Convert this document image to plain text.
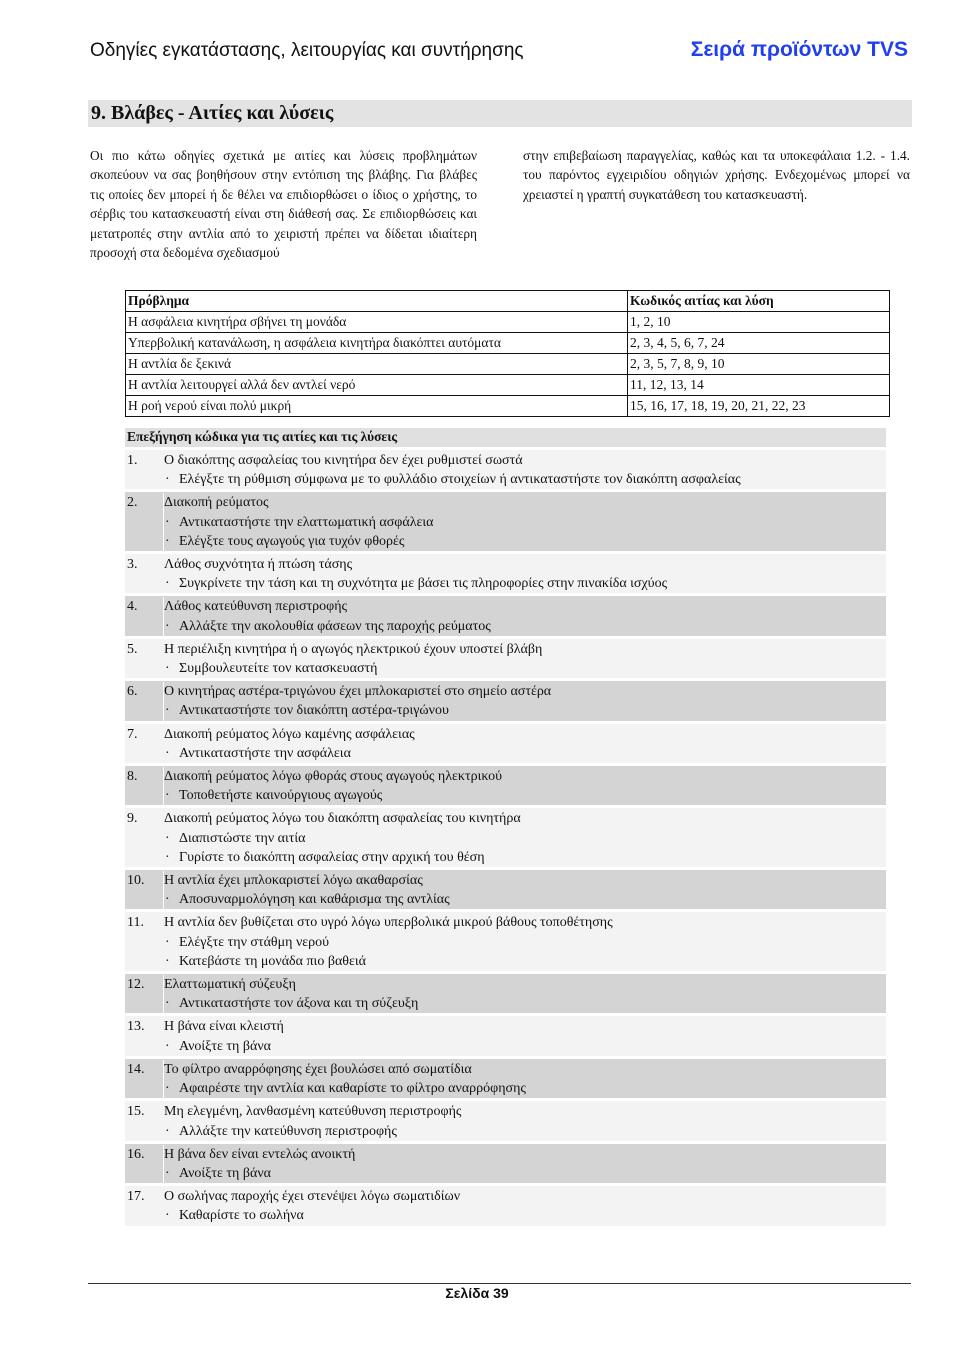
Οδηγίες εγκατάστασης, λειτουργίας και συντήρησης	Σειρά προϊόντων TVS
9. Βλάβες - Αιτίες και λύσεις

Οι πιο κάτω οδηγίες σχετικά με αιτίες και λύσεις προβλημάτων σκοπεύουν να σας βοηθήσουν στην εντόπιση της βλάβης. Για βλάβες τις οποίες δεν μπορεί ή δε θέλει να επιδιορθώσει ο ίδιος ο χρήστης, το σέρβις του κατασκευαστή είναι στη διάθεσή σας. Σε επιδιορθώσεις και μετατροπές στην αντλία από το χειριστή πρέπει να δίδεται ιδιαίτερη προσοχή στα δεδομένα σχεδιασμού

στην επιβεβαίωση παραγγελίας, καθώς και τα υποκεφάλαια 1.2. - 1.4. του παρόντος εγχειριδίου οδηγιών χρήσης. Ενδεχομένως μπορεί να χρειαστεί η γραπτή συγκατάθεση του κατασκευαστή.

Πρόβλημα	Κωδικός αιτίας και λύση
Η ασφάλεια κινητήρα σβήνει τη μονάδα	1, 2, 10
Υπερβολική κατανάλωση, η ασφάλεια κινητήρα διακόπτει αυτόματα	2, 3, 4, 5, 6, 7, 24
Η αντλία δε ξεκινά	2, 3, 5, 7, 8, 9, 10
Η αντλία λειτουργεί αλλά δεν αντλεί νερό	11, 12, 13, 14
Η ροή νερού είναι πολύ μικρή	15, 16, 17, 18, 19, 20, 21, 22, 23
Επεξήγηση κώδικα για τις αιτίες και τις λύσεις
1.	Ο διακόπτης ασφαλείας του κινητήρα δεν έχει ρυθμιστεί σωστά
· Ελέγξτε τη ρύθμιση σύμφωνα με το φυλλάδιο στοιχείων ή αντικαταστήστε τον διακόπτη ασφαλείας
2.	Διακοπή ρεύματος
· Αντικαταστήστε την ελαττωματική ασφάλεια
· Ελέγξτε τους αγωγούς για τυχόν φθορές
3.	Λάθος συχνότητα ή πτώση τάσης
· Συγκρίνετε την τάση και τη συχνότητα με βάσει τις πληροφορίες στην πινακίδα ισχύος
4.	Λάθος κατεύθυνση περιστροφής
· Αλλάξτε την ακολουθία φάσεων της παροχής ρεύματος
5.	Η περιέλιξη κινητήρα ή ο αγωγός ηλεκτρικού έχουν υποστεί βλάβη
· Συμβουλευτείτε τον κατασκευαστή
6.	Ο κινητήρας αστέρα-τριγώνου έχει μπλοκαριστεί στο σημείο αστέρα
· Αντικαταστήστε τον διακόπτη αστέρα-τριγώνου
7.	Διακοπή ρεύματος λόγω καμένης ασφάλειας
· Αντικαταστήστε την ασφάλεια
8.	Διακοπή ρεύματος λόγω φθοράς στους αγωγούς ηλεκτρικού
· Τοποθετήστε καινούργιους αγωγούς
9.	Διακοπή ρεύματος λόγω του διακόπτη ασφαλείας του κινητήρα
· Διαπιστώστε την αιτία
· Γυρίστε το διακόπτη ασφαλείας στην αρχική του θέση
10.	Η αντλία έχει μπλοκαριστεί λόγω ακαθαρσίας
· Αποσυναρμολόγηση και καθάρισμα της αντλίας
11.	Η αντλία δεν βυθίζεται στο υγρό λόγω υπερβολικά μικρού βάθους τοποθέτησης
· Ελέγξτε την στάθμη νερού
· Κατεβάστε τη μονάδα πιο βαθειά
12.	Ελαττωματική σύζευξη
· Αντικαταστήστε τον άξονα και τη σύζευξη
13.	Η βάνα είναι κλειστή
· Ανοίξτε τη βάνα
14.	Το φίλτρο αναρρόφησης έχει βουλώσει από σωματίδια
· Αφαιρέστε την αντλία και καθαρίστε το φίλτρο αναρρόφησης
15.	Μη ελεγμένη, λανθασμένη κατεύθυνση περιστροφής
· Αλλάξτε την κατεύθυνση περιστροφής
16.	Η βάνα δεν είναι εντελώς ανοικτή
· Ανοίξτε τη βάνα
17.	Ο σωλήνας παροχής έχει στενέψει λόγω σωματιδίων
· Καθαρίστε το σωλήνα
Σελίδα 39
